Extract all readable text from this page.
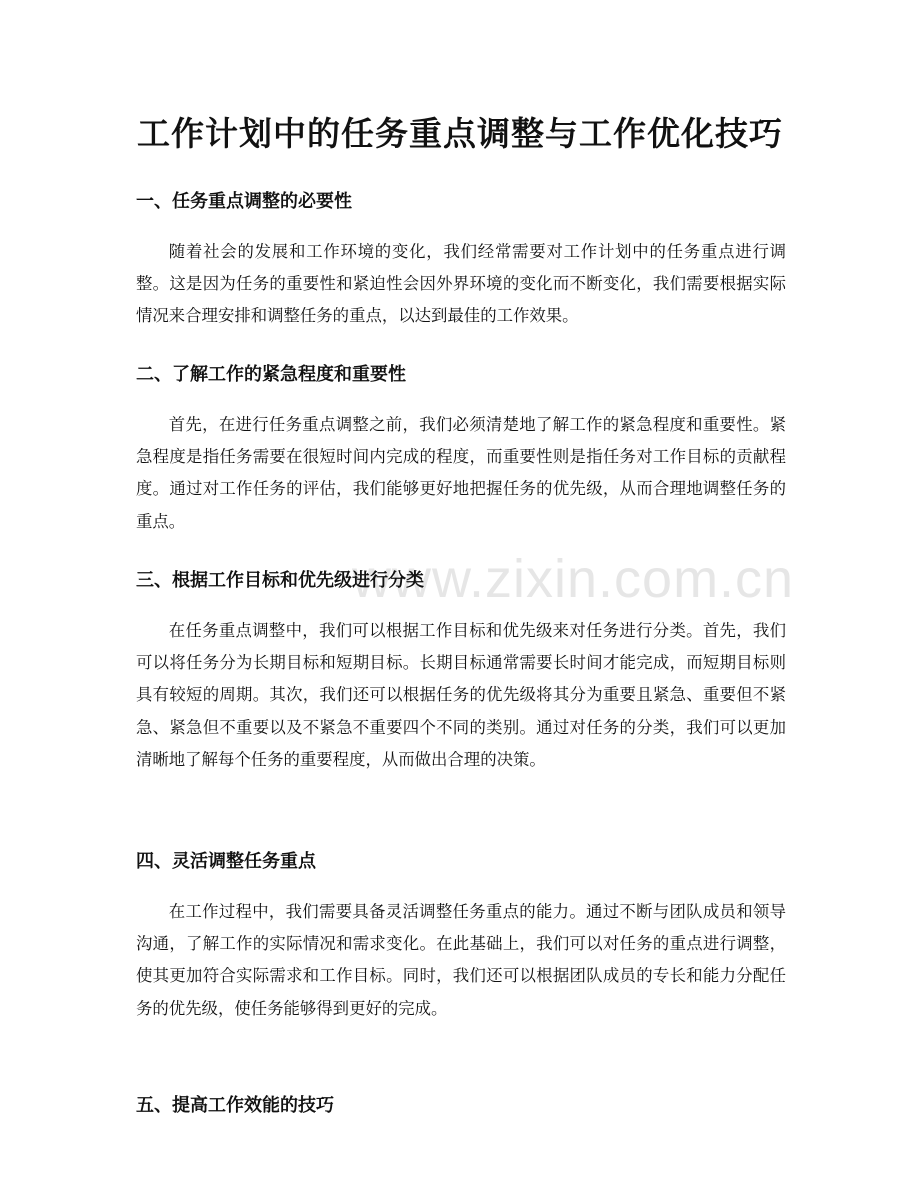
工作计划中的任务重点调整与工作优化技巧
www.zixin.com.cn
一、任务重点调整的必要性

随着社会的发展和工作环境的变化，我们经常需要对工作计划中的任务重点进行调整。这是因为任务的重要性和紧迫性会因外界环境的变化而不断变化，我们需要根据实际情况来合理安排和调整任务的重点，以达到最佳的工作效果。

二、了解工作的紧急程度和重要性

首先，在进行任务重点调整之前，我们必须清楚地了解工作的紧急程度和重要性。紧急程度是指任务需要在很短时间内完成的程度，而重要性则是指任务对工作目标的贡献程度。通过对工作任务的评估，我们能够更好地把握任务的优先级，从而合理地调整任务的重点。

三、根据工作目标和优先级进行分类

在任务重点调整中，我们可以根据工作目标和优先级来对任务进行分类。首先，我们可以将任务分为长期目标和短期目标。长期目标通常需要长时间才能完成，而短期目标则具有较短的周期。其次，我们还可以根据任务的优先级将其分为重要且紧急、重要但不紧急、紧急但不重要以及不紧急不重要四个不同的类别。通过对任务的分类，我们可以更加清晰地了解每个任务的重要程度，从而做出合理的决策。

四、灵活调整任务重点

在工作过程中，我们需要具备灵活调整任务重点的能力。通过不断与团队成员和领导沟通，了解工作的实际情况和需求变化。在此基础上，我们可以对任务的重点进行调整，使其更加符合实际需求和工作目标。同时，我们还可以根据团队成员的专长和能力分配任务的优先级，使任务能够得到更好的完成。

五、提高工作效能的技巧
